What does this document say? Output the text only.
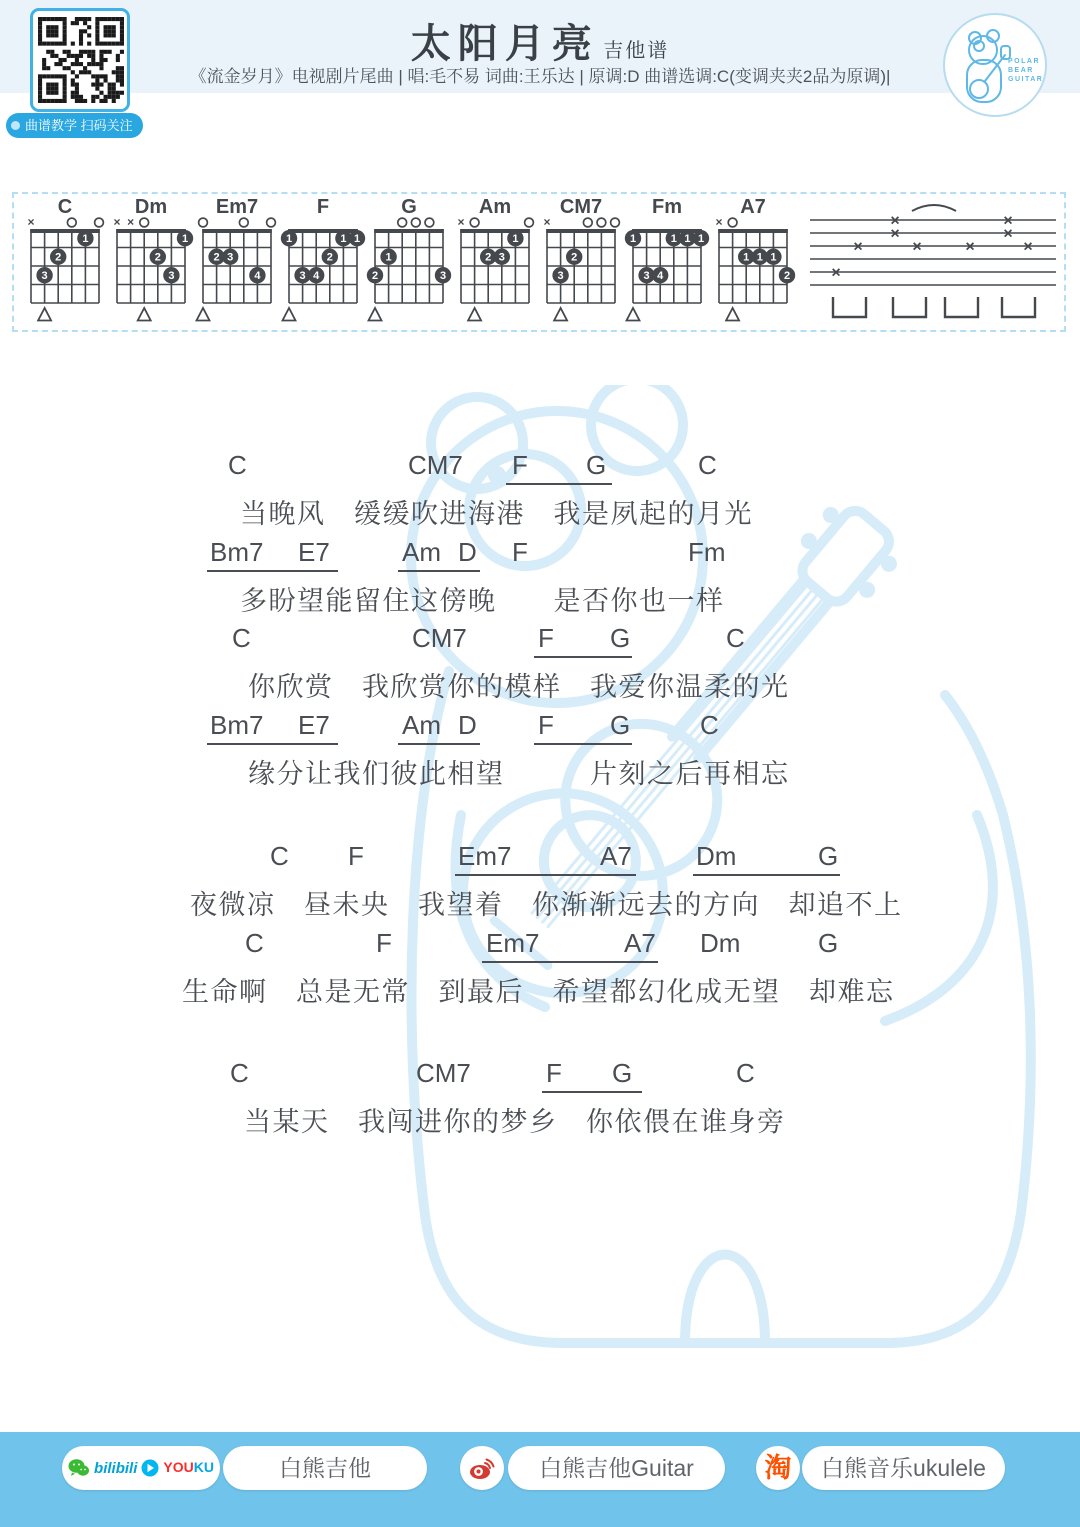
太阳月亮 吉他谱
《流金岁月》电视剧片尾曲 | 唱:毛不易 词曲:王乐达 | 原调:D 曲谱选调:C(变调夹夹2品为原调)|
曲谱教学 扫码关注
POLAR
BEAR
GUITAR
C
×
1
2
3
Dm
× ×
1
2
3
Em7
2 3
4
F
1	1 1
2
3 4
G
1
2	3
Am
×
1
2 3
CM7
×
2
3
Fm
1	1 1 1
3 4
A7
×
1 1 1
2
×	×
×	×
×	×	×	×
×
C	CM7 F G	C
当晚风　缓缓吹进海港　我是夙起的月光
Bm7 E7	Am D F	Fm
多盼望能留住这傍晚　　是否你也一样
C	CM7	F G	C
你欣赏　我欣赏你的模样　我爱你温柔的光
Bm7 E7	Am D F G	C
缘分让我们彼此相望　　　片刻之后再相忘
C F	Em7	A7 Dm	G
夜微凉　昼未央　我望着　你渐渐远去的方向　却追不上
C	F	Em7	A7 Dm	G
生命啊　总是无常　到最后　希望都幻化成无望　却难忘
C	CM7	F G	C
当某天　我闯进你的梦乡　你依偎在谁身旁
bilibili YOUKU	白熊吉他	白熊吉他Guitar	淘	白熊音乐ukulele
